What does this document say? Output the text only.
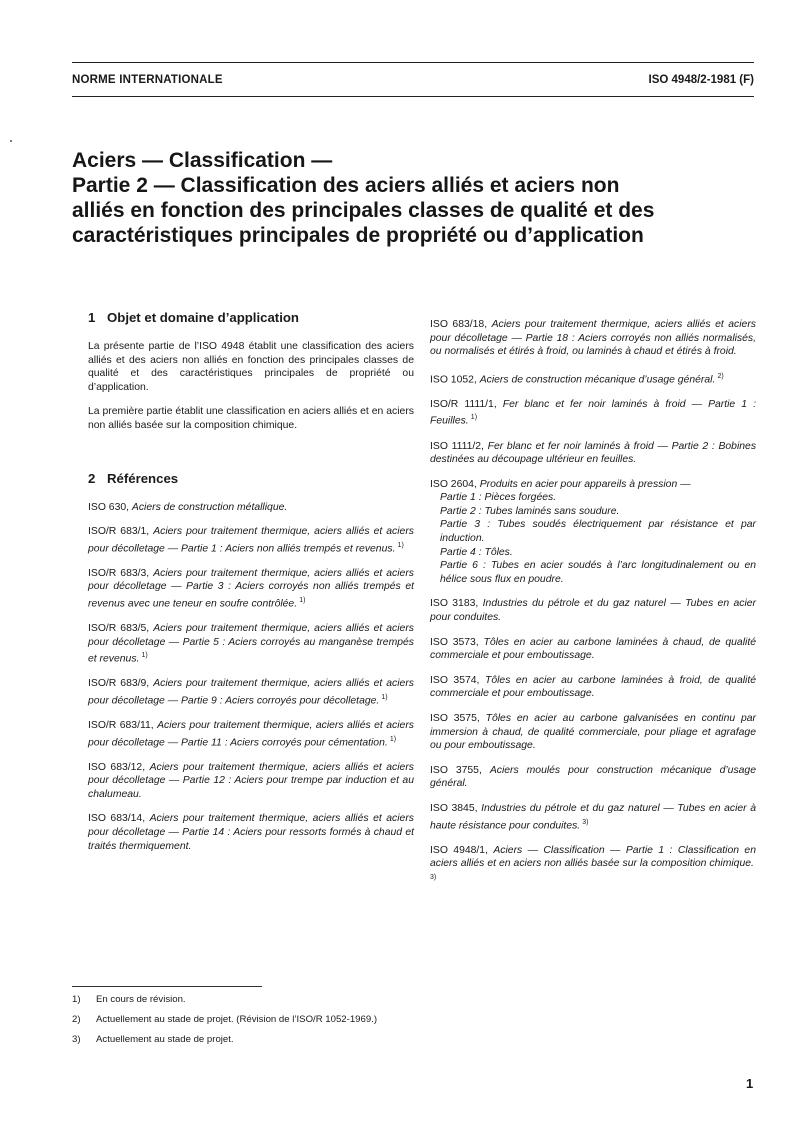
NORME INTERNATIONALE	ISO 4948/2-1981 (F)
Aciers — Classification —
Partie 2 — Classification des aciers alliés et aciers non
alliés en fonction des principales classes de qualité et des
caractéristiques principales de propriété ou d’application
1 Objet et domaine d’application

La présente partie de l’ISO 4948 établit une classification des aciers alliés et des aciers non alliés en fonction des principales classes de qualité et des caractéristiques principales de propriété ou d’application.

La première partie établit une classification en aciers alliés et en aciers non alliés basée sur la composition chimique.

2 Références
ISO 630, Aciers de construction métallique.
ISO/R 683/1, Aciers pour traitement thermique, aciers alliés et aciers pour décolletage — Partie 1 : Aciers non alliés trempés et revenus.  $^{1)}$
ISO/R 683/3, Aciers pour traitement thermique, aciers alliés et aciers pour décolletage — Partie 3 : Aciers corroyés non alliés trempés et revenus avec une teneur en soufre contrôlée.  $^{1)}$
ISO/R 683/5, Aciers pour traitement thermique, aciers alliés et aciers pour décolletage — Partie 5 : Aciers corroyés au manganèse trempés et revenus.  $^{1)}$
ISO/R 683/9, Aciers pour traitement thermique, aciers alliés et aciers pour décolletage — Partie 9 : Aciers corroyés pour décolletage.  $^{1)}$
ISO/R 683/11, Aciers pour traitement thermique, aciers alliés et aciers pour décolletage — Partie 11 : Aciers corroyés pour cémentation.  $^{1)}$
ISO 683/12, Aciers pour traitement thermique, aciers alliés et aciers pour décolletage — Partie 12 : Aciers pour trempe par induction et au chalumeau.
ISO 683/14, Aciers pour traitement thermique, aciers alliés et aciers pour décolletage — Partie 14 : Aciers pour ressorts formés à chaud et traités thermiquement.
ISO 683/18, Aciers pour traitement thermique, aciers alliés et aciers pour décolletage — Partie 18 : Aciers corroyés non alliés normalisés, ou normalisés et étirés à froid, ou laminés à chaud et étirés à froid.
ISO 1052, Aciers de construction mécanique d’usage général.  $^{2)}$
ISO/R 1111/1, Fer blanc et fer noir laminés à froid — Partie 1 : Feuilles.  $^{1)}$
ISO 1111/2, Fer blanc et fer noir laminés à froid — Partie 2 : Bobines destinées au découpage ultérieur en feuilles.
ISO 2604, Produits en acier pour appareils à pression —
Partie 1 : Pièces forgées.
Partie 2 : Tubes laminés sans soudure.
Partie 3 : Tubes soudés électriquement par résistance et par induction.
Partie 4 : Tôles.
Partie 6 : Tubes en acier soudés à l’arc longitudinalement ou en hélice sous flux en poudre.
ISO 3183, Industries du pétrole et du gaz naturel — Tubes en acier pour conduites.
ISO 3573, Tôles en acier au carbone laminées à chaud, de qualité commerciale et pour emboutissage.
ISO 3574, Tôles en acier au carbone laminées à froid, de qualité commerciale et pour emboutissage.
ISO 3575, Tôles en acier au carbone galvanisées en continu par immersion à chaud, de qualité commerciale, pour pliage et agrafage ou pour emboutissage.
ISO 3755, Aciers moulés pour construction mécanique d’usage général.
ISO 3845, Industries du pétrole et du gaz naturel — Tubes en acier à haute résistance pour conduites.  $^{3)}$
ISO 4948/1, Aciers — Classification — Partie 1 : Classification en aciers alliés et en aciers non alliés basée sur la composition chimique. $^{3)}$
1)	En cours de révision.
2)	Actuellement au stade de projet. (Révision de l’ISO/R 1052-1969.)
3)	Actuellement au stade de projet.
1
